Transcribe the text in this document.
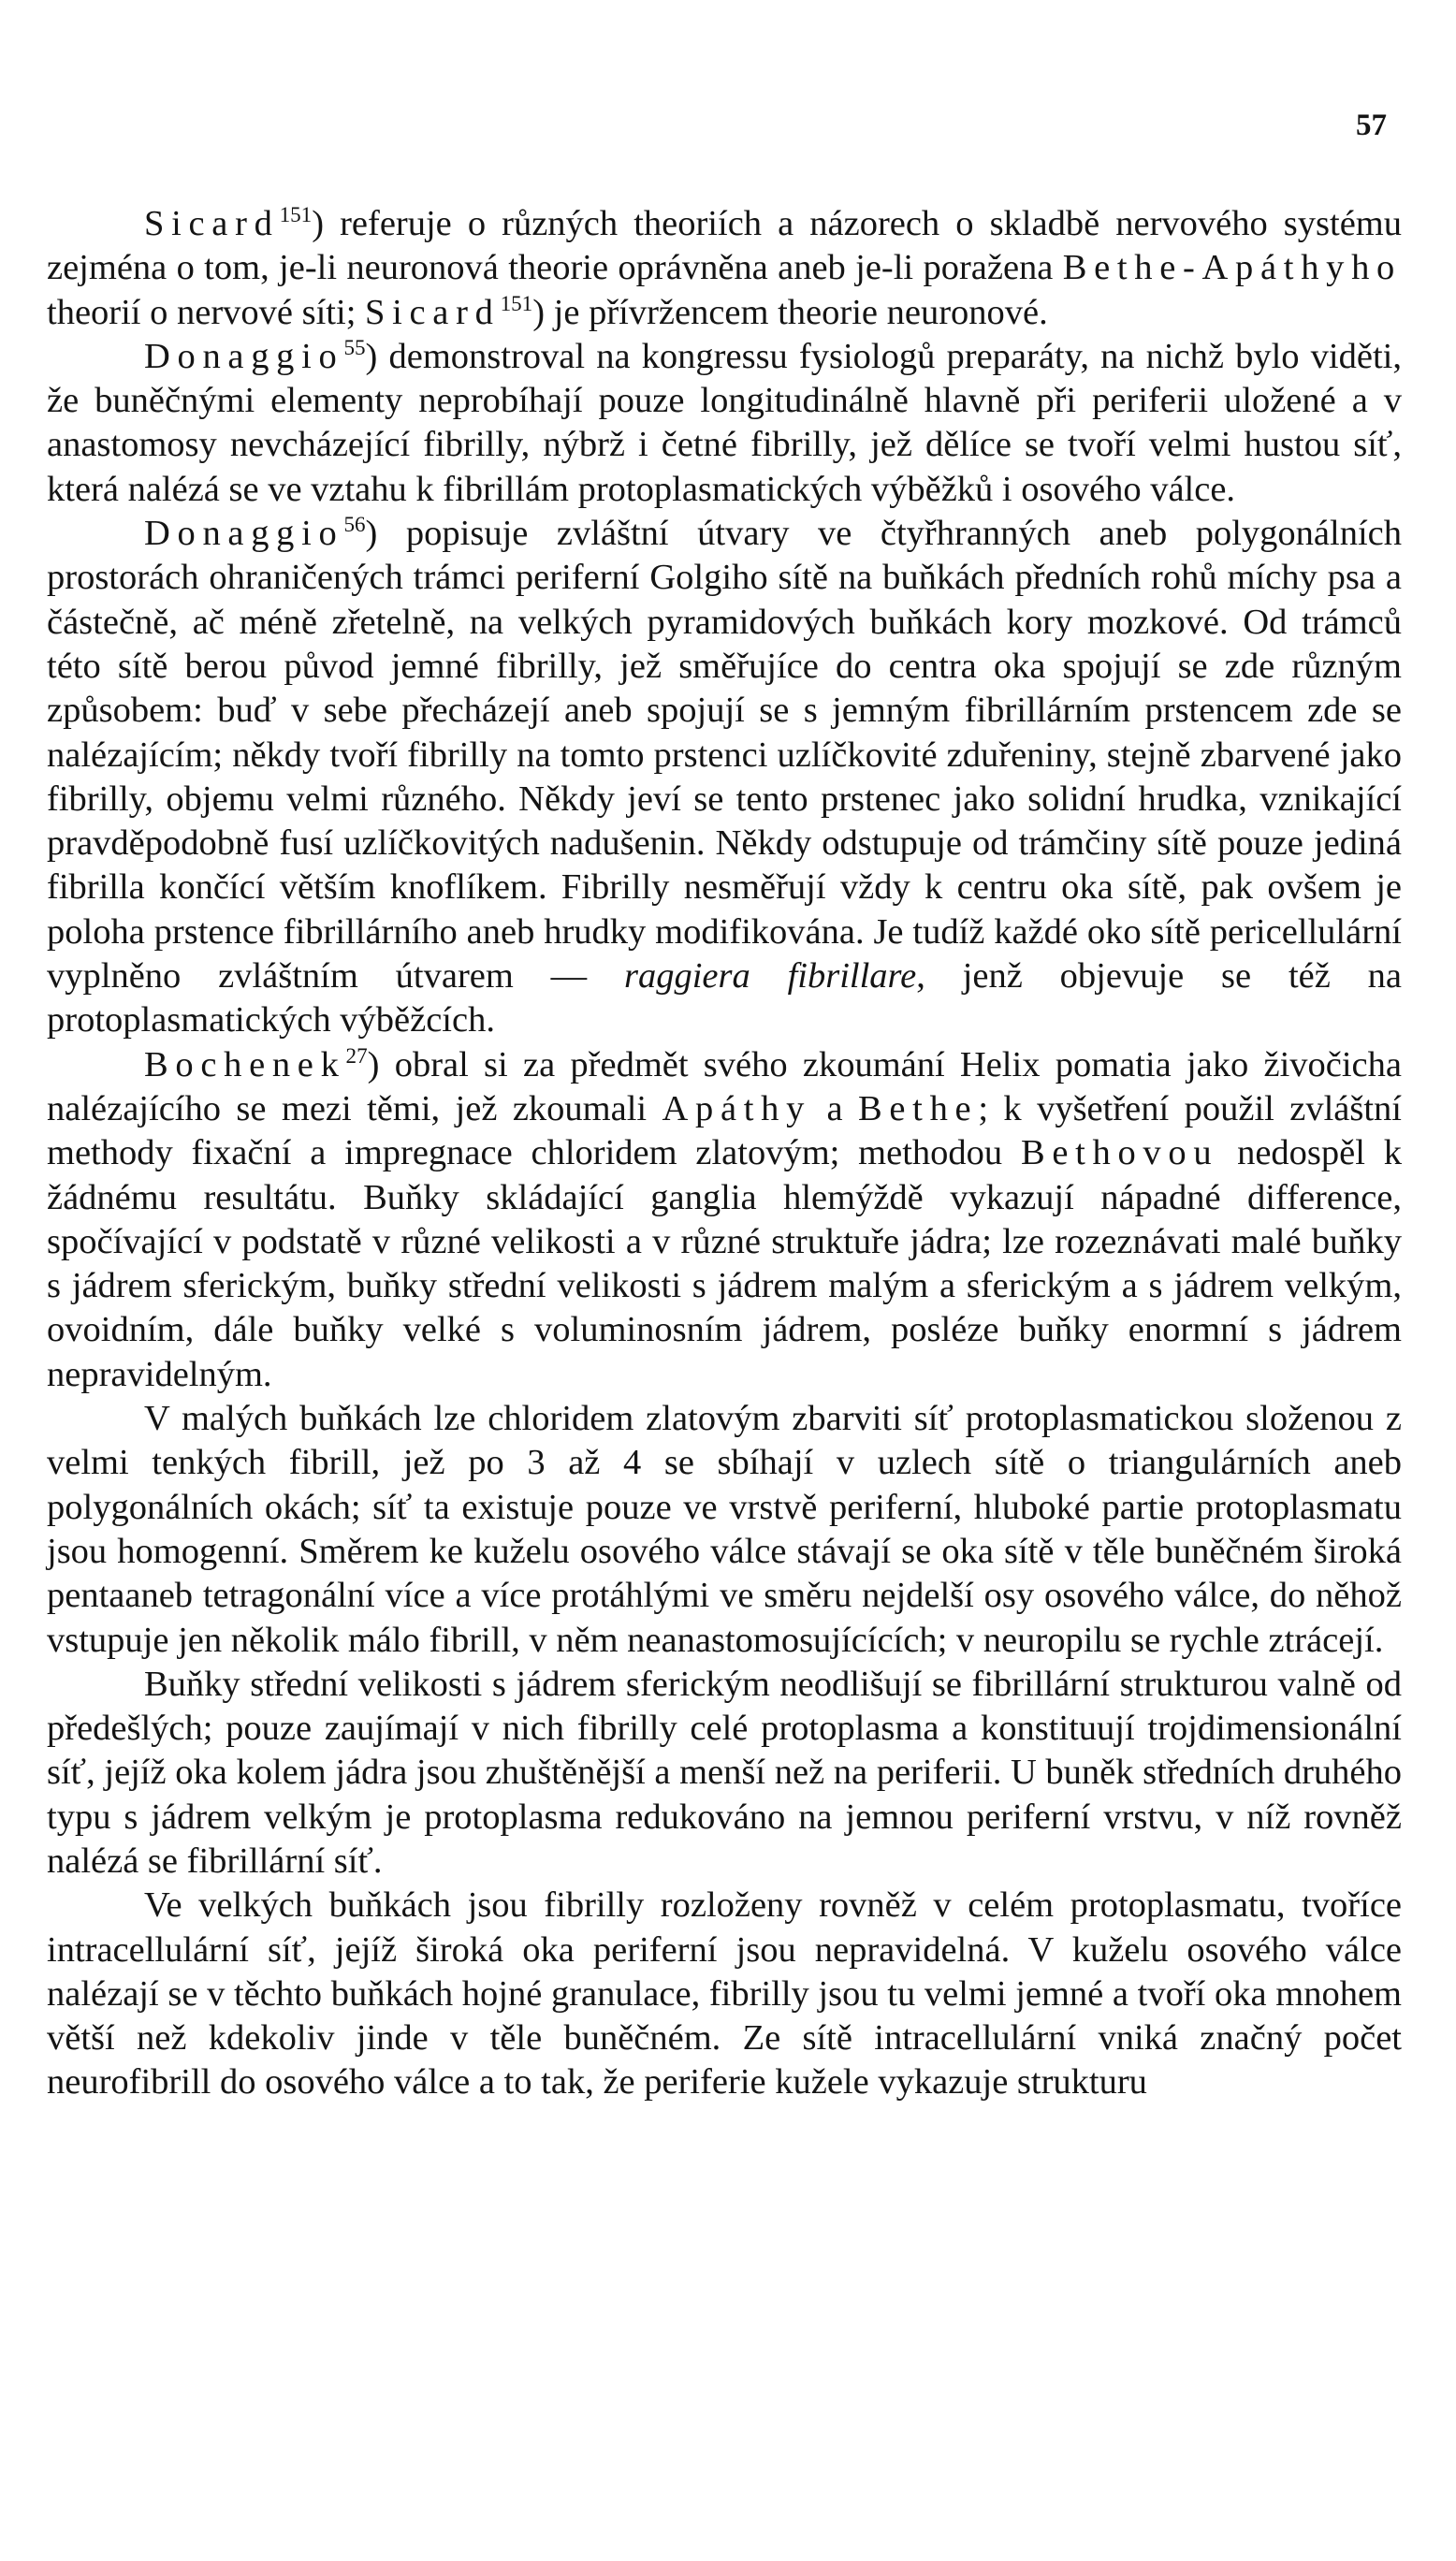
57

Sicard$^{151}$) referuje o různých theoriích a názorech o skladbě nervového systému zejména o tom, je-li neuronová theorie oprávněna aneb je-li poražena Bethe-Apáthyho theorií o nervové síti; Sicard$^{151}$) je přívržencem theorie neuronové.

Donaggio$^{55}$) demonstroval na kongressu fysiologů preparáty, na nichž bylo viděti, že buněčnými elementy neprobíhají pouze longitudinálně hlavně při periferii uložené a v anastomosy nevcházející fibrilly, nýbrž i četné fibrilly, jež dělíce se tvoří velmi hustou síť, která nalézá se ve vztahu k fibrillám protoplasmatických výběžků i osového válce.

Donaggio$^{56}$) popisuje zvláštní útvary ve čtyřhranných aneb polygonálních prostorách ohraničených trámci periferní Golgiho sítě na buňkách předních rohů míchy psa a částečně, ač méně zřetelně, na velkých pyramidových buňkách kory mozkové. Od trámců této sítě berou původ jemné fibrilly, jež směřujíce do centra oka spojují se zde různým způsobem: buď v sebe přecházejí aneb spojují se s jemným fibrillárním prstencem zde se nalézajícím; někdy tvoří fibrilly na tomto prstenci uzlíčkovité zduřeniny, stejně zbarvené jako fibrilly, objemu velmi různého. Někdy jeví se tento prstenec jako solidní hrudka, vznikající pravděpodobně fusí uzlíčkovitých nadušenin. Někdy odstupuje od trámčiny sítě pouze jediná fibrilla končící větším knoflíkem. Fibrilly nesměřují vždy k centru oka sítě, pak ovšem je poloha prstence fibrillárního aneb hrudky modifikována. Je tudíž každé oko sítě pericellulární vyplněno zvláštním útvarem — raggiera fibrillare, jenž objevuje se též na protoplasmatických výběžcích.

Bochenek$^{27}$) obral si za předmět svého zkoumání Helix pomatia jako živočicha nalézajícího se mezi těmi, jež zkoumali Apáthy a Bethe; k vyšetření použil zvláštní methody fixační a impregnace chloridem zlatovým; methodou Bethovou nedospěl k žádnému resultátu. Buňky skládající ganglia hlemýždě vykazují nápadné differencе, spočívající v podstatě v různé velikosti a v různé struktuře jádra; lze rozeznávati malé buňky s jádrem sferickým, buňky střední velikosti s jádrem malým a sferickým a s jádrem velkým, ovoidním, dále buňky velké s voluminosním jádrem, posléze buňky enormní s jádrem nepravidelným.

V malých buňkách lze chloridem zlatovým zbarviti síť protoplasmatickou složenou z velmi tenkých fibrill, jež po 3 až 4 se sbíhají v uzlech sítě o triangulárních aneb polygonálních okách; síť ta existuje pouze ve vrstvě periferní, hluboké partie protoplasmatu jsou homogenní. Směrem ke kuželu osového válce stávají se oka sítě v těle buněčném široká pentaaneb tetragonální více a více protáhlými ve směru nejdelší osy osového válce, do něhož vstupuje jen několik málo fibrill, v něm neanastomosujícících; v neuropilu se rychle ztrácejí.

Buňky střední velikosti s jádrem sferickým neodlišují se fibrillární strukturou valně od předešlých; pouze zaujímají v nich fibrilly celé protoplasma a konstituují trojdimensionální síť, jejíž oka kolem jádra jsou zhuštěnější a menší než na periferii. U buněk středních druhého typu s jádrem velkým je protoplasma redukováno na jemnou periferní vrstvu, v níž rovněž nalézá se fibrillární síť.

Ve velkých buňkách jsou fibrilly rozloženy rovněž v celém protoplasmatu, tvoříce intracellulární síť, jejíž široká oka periferní jsou nepravidelná. V kuželu osového válce nalézají se v těchto buňkách hojné granulace, fibrilly jsou tu velmi jemné a tvoří oka mnohem větší než kdekoliv jinde v těle buněčném. Ze sítě intracellulární vniká značný počet neurofibrill do osového válce a to tak, že periferie kužele vykazuje strukturu
